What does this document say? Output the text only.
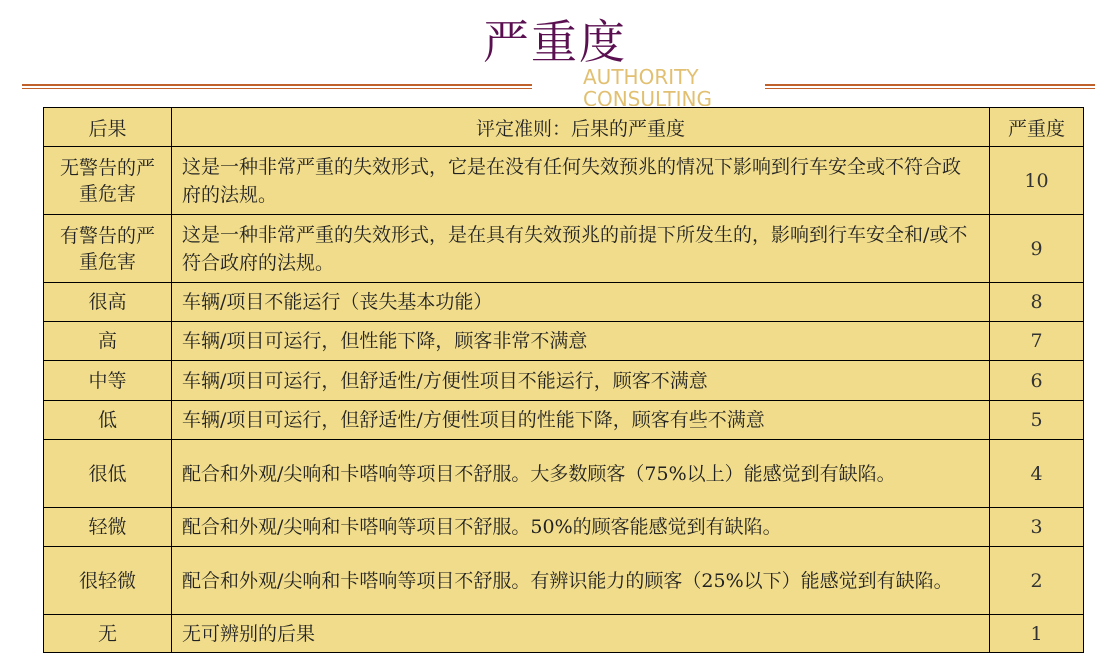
严重度
AUTHORITY CONSULTING
后果	评定准则：后果的严重度	严重度
无警告的严重危害	这是一种非常严重的失效形式，它是在没有任何失效预兆的情况下影响到行车安全或不符合政府的法规。	10
有警告的严重危害	这是一种非常严重的失效形式，是在具有失效预兆的前提下所发生的，影响到行车安全和/或不符合政府的法规。	9
很高	车辆/项目不能运行（丧失基本功能）	8
高	车辆/项目可运行，但性能下降，顾客非常不满意	7
中等	车辆/项目可运行，但舒适性/方便性项目不能运行，顾客不满意	6
低	车辆/项目可运行，但舒适性/方便性项目的性能下降，顾客有些不满意	5
很低	配合和外观/尖响和卡嗒响等项目不舒服。大多数顾客（75%以上）能感觉到有缺陷。	4
轻微	配合和外观/尖响和卡嗒响等项目不舒服。50%的顾客能感觉到有缺陷。	3
很轻微	配合和外观/尖响和卡嗒响等项目不舒服。有辨识能力的顾客（25%以下）能感觉到有缺陷。	2
无	无可辨别的后果	1
